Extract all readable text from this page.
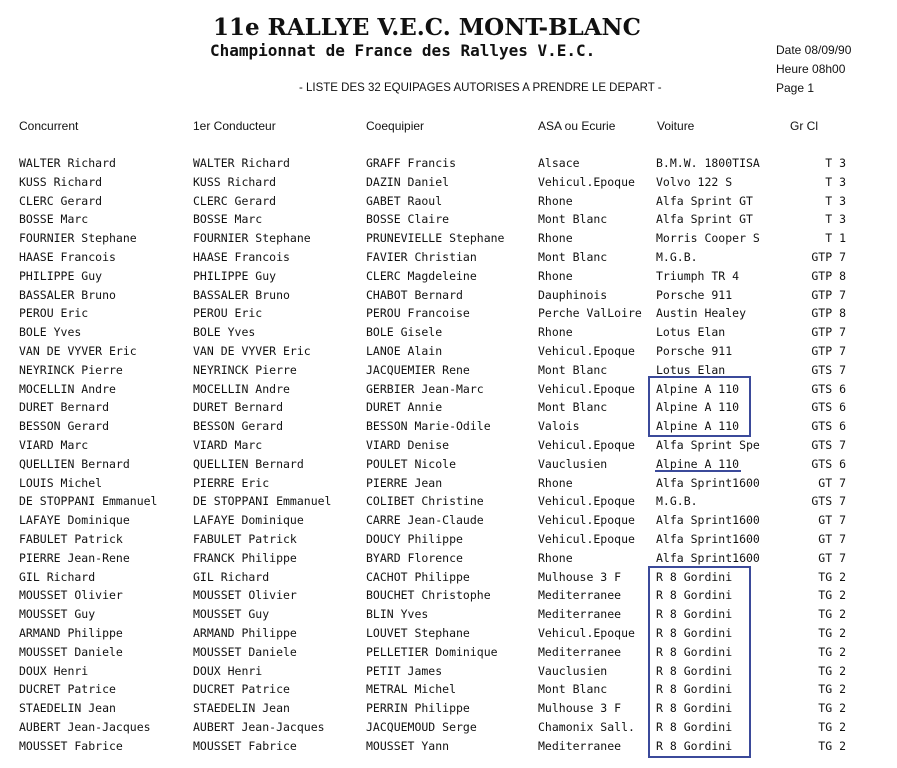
11e RALLYE V.E.C. MONT-BLANC
Championnat de France des Rallyes V.E.C.	Date 08/09/90
Heure 08h00
Page 1
- LISTE DES 32 EQUIPAGES AUTORISES A PRENDRE LE DEPART -
Concurrent	1er Conducteur	Coequipier	ASA ou Ecurie	Voiture	Gr Cl
	WALTER Richard	WALTER Richard	GRAFF Francis	Alsace	B.M.W. 1800TISA	T 3
	KUSS Richard	KUSS Richard	DAZIN Daniel	Vehicul.Epoque	Volvo 122 S	T 3
	CLERC Gerard	CLERC Gerard	GABET Raoul	Rhone	Alfa Sprint GT	T 3
	BOSSE Marc	BOSSE Marc	BOSSE Claire	Mont Blanc	Alfa Sprint GT	T 3
	FOURNIER Stephane	FOURNIER Stephane	PRUNEVIELLE Stephane	Rhone	Morris Cooper S	T 1
	HAASE Francois	HAASE Francois	FAVIER Christian	Mont Blanc	M.G.B.	GTP 7
	PHILIPPE Guy	PHILIPPE Guy	CLERC Magdeleine	Rhone	Triumph TR 4	GTP 8
	BASSALER Bruno	BASSALER Bruno	CHABOT Bernard	Dauphinois	Porsche 911	GTP 7
	PEROU Eric	PEROU Eric	PEROU Francoise	Perche ValLoire	Austin Healey	GTP 8
	BOLE Yves	BOLE Yves	BOLE Gisele	Rhone	Lotus Elan	GTP 7
	VAN DE VYVER Eric	VAN DE VYVER Eric	LANOE Alain	Vehicul.Epoque	Porsche 911	GTP 7
	NEYRINCK Pierre	NEYRINCK Pierre	JACQUEMIER Rene	Mont Blanc	Lotus Elan	GTS 7
	MOCELLIN Andre	MOCELLIN Andre	GERBIER Jean-Marc	Vehicul.Epoque	Alpine A 110	GTS 6
	DURET Bernard	DURET Bernard	DURET Annie	Mont Blanc	Alpine A 110	GTS 6
	BESSON Gerard	BESSON Gerard	BESSON Marie-Odile	Valois	Alpine A 110	GTS 6
	VIARD Marc	VIARD Marc	VIARD Denise	Vehicul.Epoque	Alfa Sprint Spe	GTS 7
	QUELLIEN Bernard	QUELLIEN Bernard	POULET Nicole	Vauclusien	Alpine A 110	GTS 6
	LOUIS Michel	PIERRE Eric	PIERRE Jean	Rhone	Alfa Sprint1600	GT 7
	DE STOPPANI Emmanuel	DE STOPPANI Emmanuel	COLIBET Christine	Vehicul.Epoque	M.G.B.	GTS 7
	LAFAYE Dominique	LAFAYE Dominique	CARRE Jean-Claude	Vehicul.Epoque	Alfa Sprint1600	GT 7
	FABULET Patrick	FABULET Patrick	DOUCY Philippe	Vehicul.Epoque	Alfa Sprint1600	GT 7
	PIERRE Jean-Rene	FRANCK Philippe	BYARD Florence	Rhone	Alfa Sprint1600	GT 7
	GIL Richard	GIL Richard	CACHOT Philippe	Mulhouse 3 F	R 8 Gordini	TG 2
	MOUSSET Olivier	MOUSSET Olivier	BOUCHET Christophe	Mediterranee	R 8 Gordini	TG 2
	MOUSSET Guy	MOUSSET Guy	BLIN Yves	Mediterranee	R 8 Gordini	TG 2
	ARMAND Philippe	ARMAND Philippe	LOUVET Stephane	Vehicul.Epoque	R 8 Gordini	TG 2
	MOUSSET Daniele	MOUSSET Daniele	PELLETIER Dominique	Mediterranee	R 8 Gordini	TG 2
	DOUX Henri	DOUX Henri	PETIT James	Vauclusien	R 8 Gordini	TG 2
	DUCRET Patrice	DUCRET Patrice	METRAL Michel	Mont Blanc	R 8 Gordini	TG 2
	STAEDELIN Jean	STAEDELIN Jean	PERRIN Philippe	Mulhouse 3 F	R 8 Gordini	TG 2
	AUBERT Jean-Jacques	AUBERT Jean-Jacques	JACQUEMOUD Serge	Chamonix Sall.	R 8 Gordini	TG 2
	MOUSSET Fabrice	MOUSSET Fabrice	MOUSSET Yann	Mediterranee	R 8 Gordini	TG 2
